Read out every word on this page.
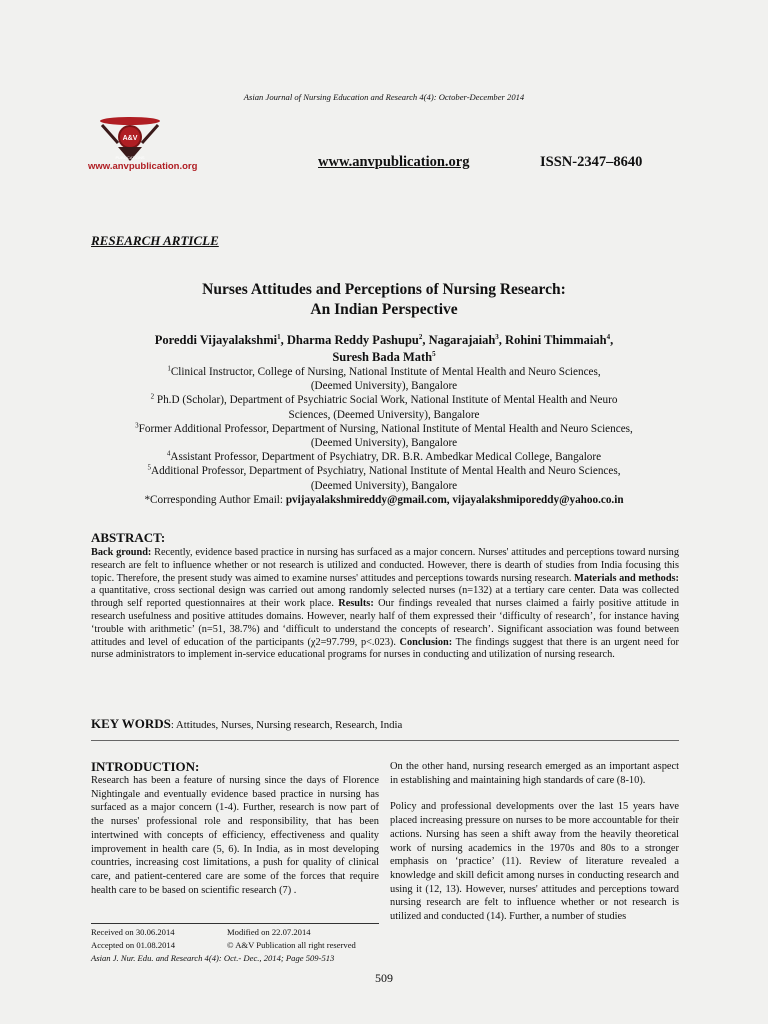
Asian Journal of Nursing Education and Research 4(4): October-December 2014
A&V
PUBLICATIONS
www.anvpublication.org	www.anvpublication.org	ISSN-2347–8640
RESEARCH ARTICLE
Nurses Attitudes and Perceptions of Nursing Research:
An Indian Perspective
Poreddi Vijayalakshmi$^1$, Dharma Reddy Pashupu$^2$, Nagarajaiah$^3$, Rohini Thimmaiah$^4$,
Suresh Bada Math$^5$
$^1$Clinical Instructor, College of Nursing, National Institute of Mental Health and Neuro Sciences,
(Deemed University), Bangalore
$^2$ Ph.D (Scholar), Department of Psychiatric Social Work, National Institute of Mental Health and Neuro
Sciences, (Deemed University), Bangalore
$^3$Former Additional Professor, Department of Nursing, National Institute of Mental Health and Neuro Sciences,
(Deemed University), Bangalore
$^4$Assistant Professor, Department of Psychiatry, DR. B.R. Ambedkar Medical College, Bangalore
$^5$Additional Professor, Department of Psychiatry, National Institute of Mental Health and Neuro Sciences,
(Deemed University), Bangalore
*Corresponding Author Email: pvijayalakshmireddy@gmail.com, vijayalakshmiporeddy@yahoo.co.in
ABSTRACT:
Back ground: Recently, evidence based practice in nursing has surfaced as a major concern. Nurses' attitudes and perceptions toward nursing research are felt to influence whether or not research is utilized and conducted. However, there is dearth of studies from India focusing this topic. Therefore, the present study was aimed to examine nurses' attitudes and perceptions towards nursing research. Materials and methods: a quantitative, cross sectional design was carried out among randomly selected nurses (n=132) at a tertiary care center. Data was collected through self reported questionnaires at their work place. Results: Our findings revealed that nurses claimed a fairly positive attitude in research usefulness and positive attitudes domains. However, nearly half of them expressed their ‘difficulty of research’, for instance having ‘trouble with arithmetic’ (n=51, 38.7%) and ‘difficult to understand the concepts of research’. Significant association was found between attitudes and level of education of the participants (χ2=97.799, p<.023). Conclusion: The findings suggest that there is an urgent need for nurse administrators to implement in-service educational programs for nurses in conducting and utilization of nursing research.
KEY WORDS: Attitudes, Nurses, Nursing research, Research, India
INTRODUCTION:
Research has been a feature of nursing since the days of Florence Nightingale and eventually evidence based practice in nursing has surfaced as a major concern (1-4). Further, research is now part of the nurses' professional role and responsibility, that has been intertwined with concepts of efficiency, effectiveness and quality improvement in health care (5, 6). In India, as in most developing countries, increasing cost limitations, a push for quality of clinical care, and patient-centered care are some of the forces that require health care to be based on scientific research (7) .

On the other hand, nursing research emerged as an important aspect in establishing and maintaining high standards of care (8-10).

Policy and professional developments over the last 15 years have placed increasing pressure on nurses to be more accountable for their actions. Nursing has seen a shift away from the heavily theoretical work of nursing academics in the 1970s and 80s to a stronger emphasis on ‘practice’ (11). Review of literature revealed a knowledge and skill deficit among nurses in conducting research and using it (12, 13). However, nurses' attitudes and perceptions toward nursing research are felt to influence whether or not research is utilized and conducted (14). Further, a number of studies

Received on 30.06.2014	Modified on 22.07.2014
Accepted on 01.08.2014	© A&V Publication all right reserved
Asian J. Nur. Edu. and Research 4(4): Oct.- Dec., 2014; Page 509-513
509
